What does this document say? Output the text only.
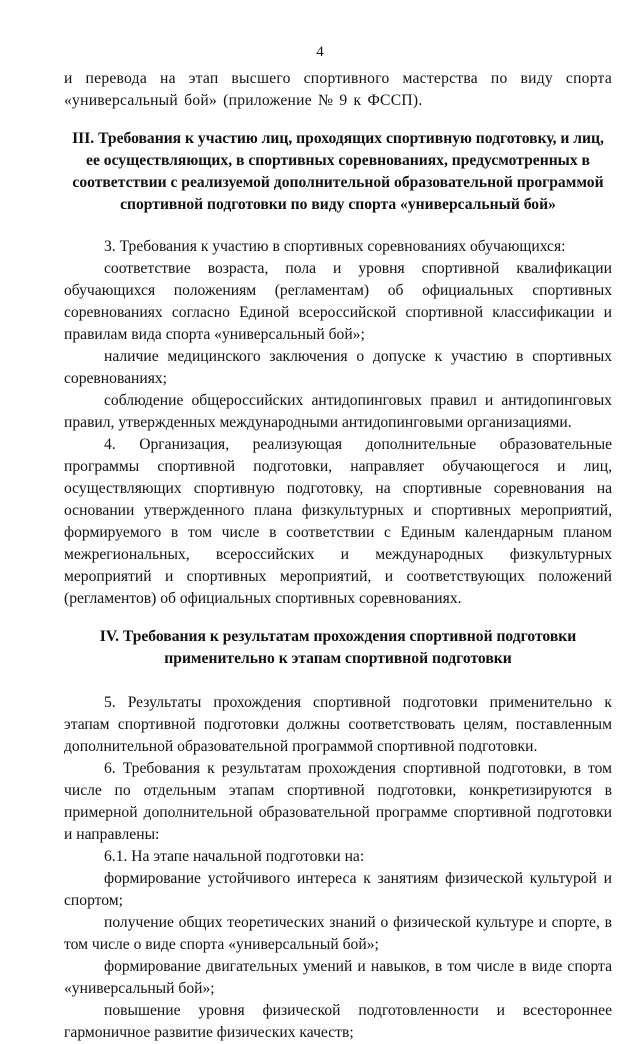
4

и перевода на этап высшего спортивного мастерства по виду спорта «универсальный бой» (приложение № 9 к ФССП).

III. Требования к участию лиц, проходящих спортивную подготовку, и лиц, ее осуществляющих, в спортивных соревнованиях, предусмотренных в соответствии с реализуемой дополнительной образовательной программой спортивной подготовки по виду спорта «универсальный бой»

3. Требования к участию в спортивных соревнованиях обучающихся:

соответствие возраста, пола и уровня спортивной квалификации обучающихся положениям (регламентам) об официальных спортивных соревнованиях согласно Единой всероссийской спортивной классификации и правилам вида спорта «универсальный бой»;

наличие медицинского заключения о допуске к участию в спортивных соревнованиях;

соблюдение общероссийских антидопинговых правил и антидопинговых правил, утвержденных международными антидопинговыми организациями.

4. Организация, реализующая дополнительные образовательные программы спортивной подготовки, направляет обучающегося и лиц, осуществляющих спортивную подготовку, на спортивные соревнования на основании утвержденного плана физкультурных и спортивных мероприятий, формируемого в том числе в соответствии с Единым календарным планом межрегиональных, всероссийских и международных физкультурных мероприятий и спортивных мероприятий, и соответствующих положений (регламентов) об официальных спортивных соревнованиях.

IV. Требования к результатам прохождения спортивной подготовки применительно к этапам спортивной подготовки

5. Результаты прохождения спортивной подготовки применительно к этапам спортивной подготовки должны соответствовать целям, поставленным дополнительной образовательной программой спортивной подготовки.

6. Требования к результатам прохождения спортивной подготовки, в том числе по отдельным этапам спортивной подготовки, конкретизируются в примерной дополнительной образовательной программе спортивной подготовки и направлены:

6.1. На этапе начальной подготовки на:

формирование устойчивого интереса к занятиям физической культурой и спортом;

получение общих теоретических знаний о физической культуре и спорте, в том числе о виде спорта «универсальный бой»;

формирование двигательных умений и навыков, в том числе в виде спорта «универсальный бой»;

повышение уровня физической подготовленности и всестороннее гармоничное развитие физических качеств;
